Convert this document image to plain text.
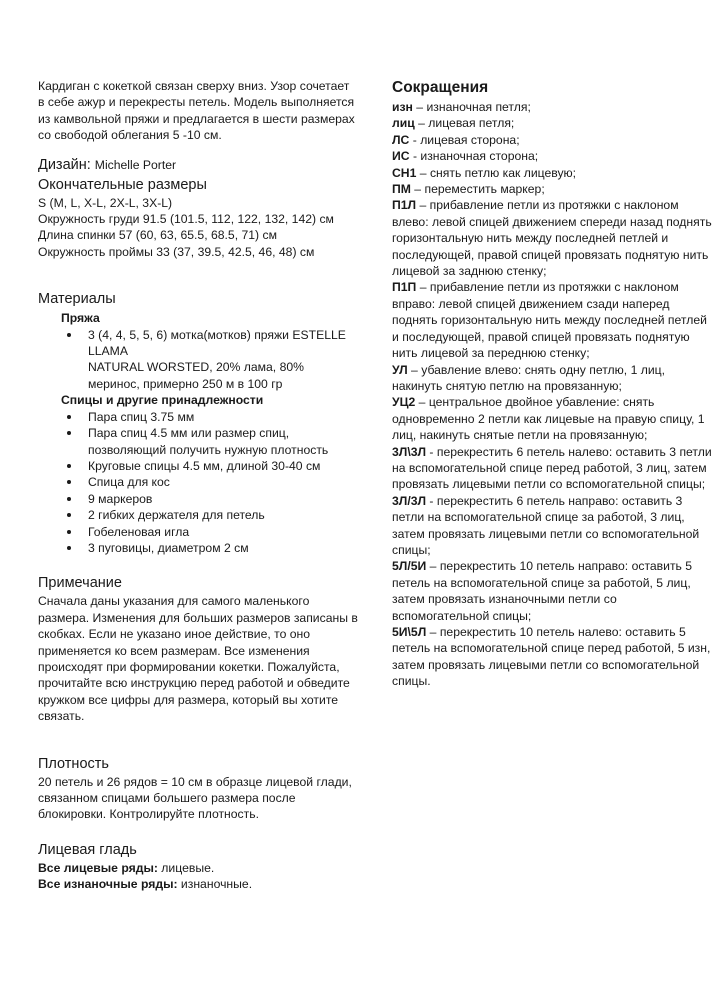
Кардиган с кокеткой связан сверху вниз. Узор сочетает в себе ажур и перекресты петель. Модель выполняется из камвольной пряжи и предлагается в шести размерах со свободой облегания 5 -10 см.

Дизайн: Michelle Porter
Окончательные размеры
S (M, L, X-L, 2X-L, 3X-L)
Окружность груди 91.5 (101.5, 112, 122, 132, 142) см
Длина спинки 57 (60, 63, 65.5, 68.5, 71) см
Окружность проймы 33 (37, 39.5, 42.5, 46, 48) см
Материалы
Пряжа
3 (4, 4, 5, 5, 6) мотка(мотков) пряжи ESTELLE LLAMA
NATURAL WORSTED, 20% лама, 80% меринос, примерно 250 м в 100 гр
Спицы и другие принадлежности
Пара спиц 3.75 мм
Пара спиц 4.5 мм или размер спиц, позволяющий получить нужную плотность
Круговые спицы 4.5 мм, длиной 30-40 см
Спица для кос
9 маркеров
2 гибких держателя для петель
Гобеленовая игла
3 пуговицы, диаметром 2 см
Примечание

Сначала даны указания для самого маленького размера. Изменения для больших размеров записаны в скобках. Если не указано иное действие, то оно применяется ко всем размерам. Все изменения происходят при формировании кокетки. Пожалуйста, прочитайте всю инструкцию перед работой и обведите кружком все цифры для размера, который вы хотите связать.

Плотность

20 петель и 26 рядов = 10 см в образце лицевой глади, связанном спицами большего размера после блокировки. Контролируйте плотность.

Лицевая гладь
Все лицевые ряды: лицевые.
Все изнаночные ряды: изнаночные.
Сокращения
изн – изнаночная петля;
лиц – лицевая петля;
ЛС - лицевая сторона;
ИС - изнаночная сторона;
СН1 – снять петлю как лицевую;
ПМ – переместить маркер;
П1Л – прибавление петли из протяжки с наклоном влево: левой спицей движением спереди назад поднять горизонтальную нить между последней петлей и последующей, правой спицей провязать поднятую нить лицевой за заднюю стенку;
П1П – прибавление петли из протяжки с наклоном вправо: левой спицей движением сзади наперед поднять горизонтальную нить между последней петлей и последующей, правой спицей провязать поднятую нить лицевой за переднюю стенку;
УЛ – убавление влево: снять одну петлю, 1 лиц, накинуть снятую петлю на провязанную;
УЦ2 – центральное двойное убавление: снять одновременно 2 петли как лицевые на правую спицу, 1 лиц, накинуть снятые петли на провязанную;
3Л\3Л - перекрестить 6 петель налево: оставить 3 петли на вспомогательной спице перед работой, 3 лиц, затем провязать лицевыми петли со вспомогательной спицы;
3Л/3Л - перекрестить 6 петель направо: оставить 3 петли на вспомогательной спице за работой, 3 лиц, затем провязать лицевыми петли со вспомогательной спицы;
5Л/5И – перекрестить 10 петель направо: оставить 5 петель на вспомогательной спице за работой, 5 лиц, затем провязать изнаночными петли со вспомогательной спицы;
5И\5Л – перекрестить 10 петель налево: оставить 5 петель на вспомогательной спице перед работой, 5 изн, затем провязать лицевыми петли со вспомогательной спицы.
